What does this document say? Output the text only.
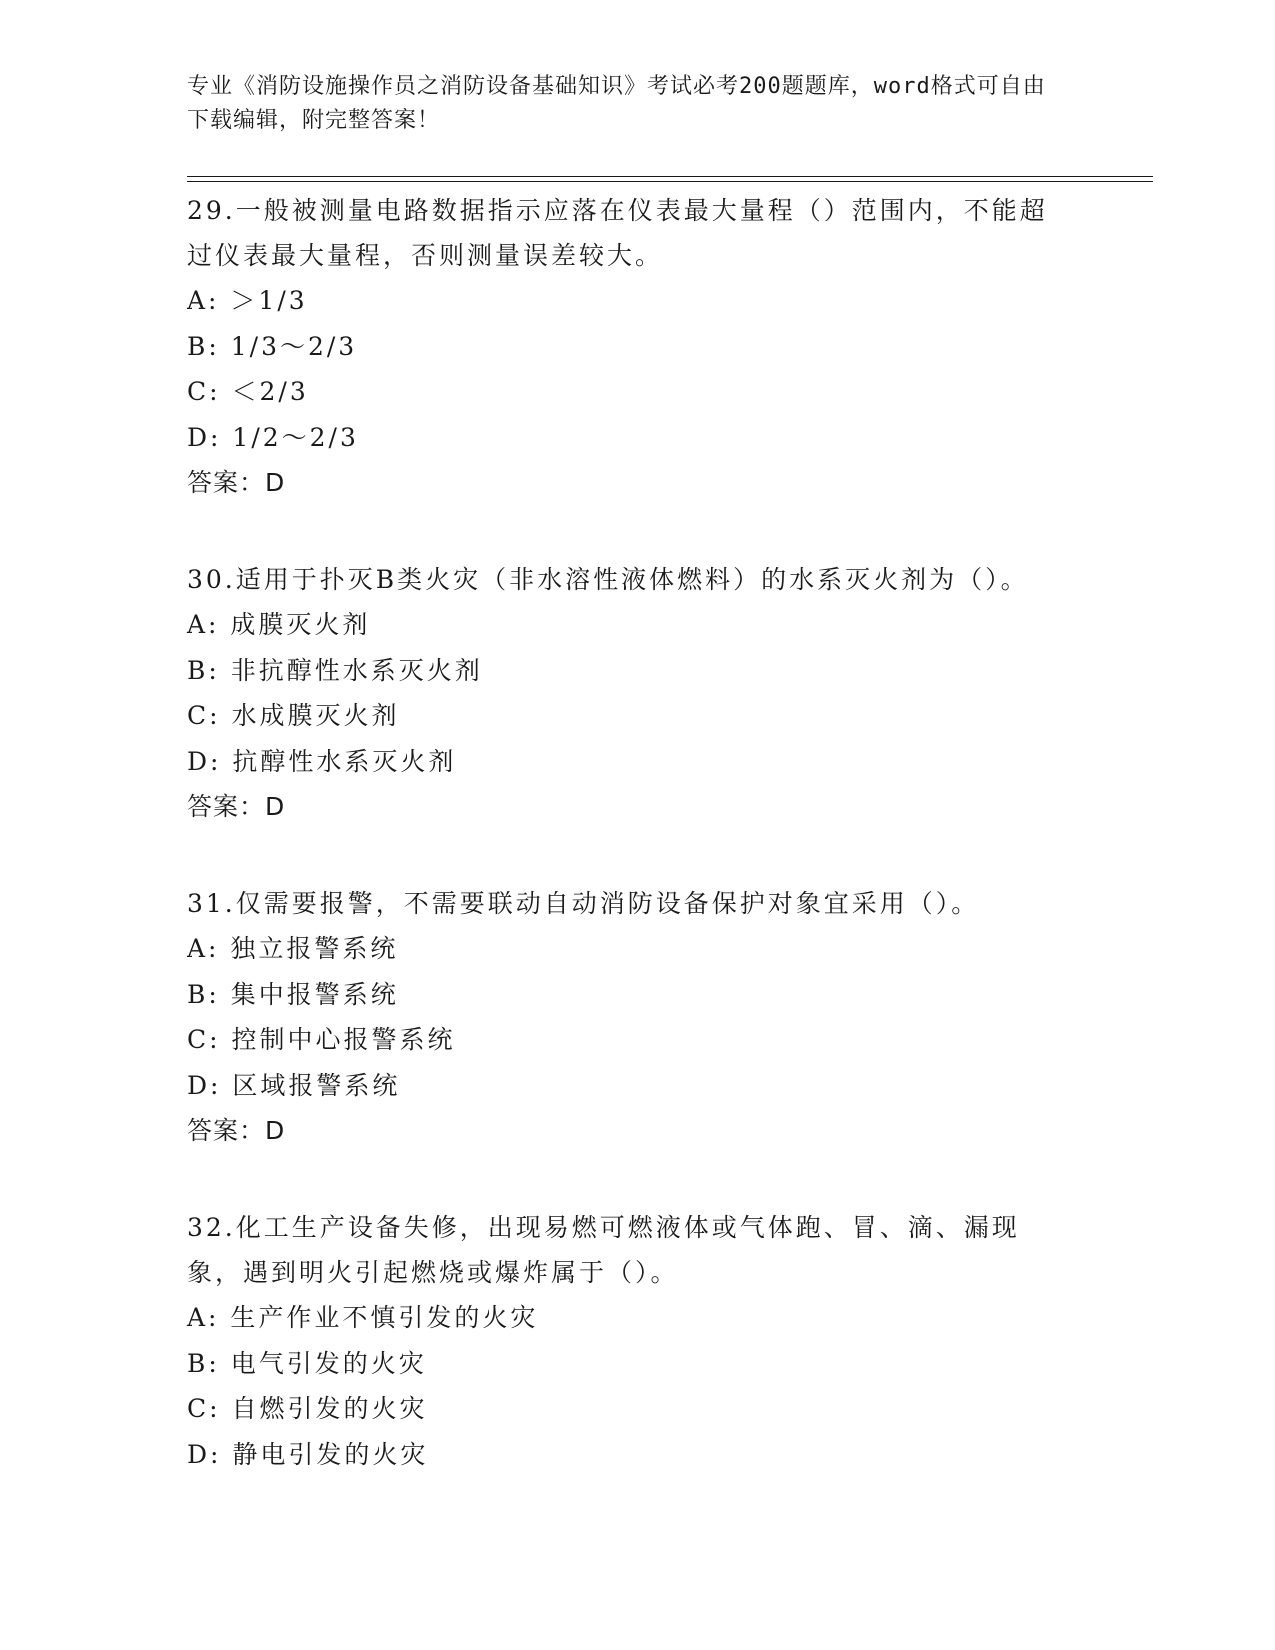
专业《消防设施操作员之消防设备基础知识》考试必考200题题库，word格式可自由下载编辑，附完整答案！

29.一般被测量电路数据指示应落在仪表最大量程（）范围内，不能超过仪表最大量程，否则测量误差较大。

A: ＞1/3

B: 1/3～2/3

C: ＜2/3

D: 1/2～2/3

答案：D

30.适用于扑灭B类火灾（非水溶性液体燃料）的水系灭火剂为（）。

A: 成膜灭火剂

B: 非抗醇性水系灭火剂

C: 水成膜灭火剂

D: 抗醇性水系灭火剂

答案：D

31.仅需要报警，不需要联动自动消防设备保护对象宜采用（）。

A: 独立报警系统

B: 集中报警系统

C: 控制中心报警系统

D: 区域报警系统

答案：D

32.化工生产设备失修，出现易燃可燃液体或气体跑、冒、滴、漏现象，遇到明火引起燃烧或爆炸属于（）。

A: 生产作业不慎引发的火灾

B: 电气引发的火灾

C: 自燃引发的火灾

D: 静电引发的火灾
